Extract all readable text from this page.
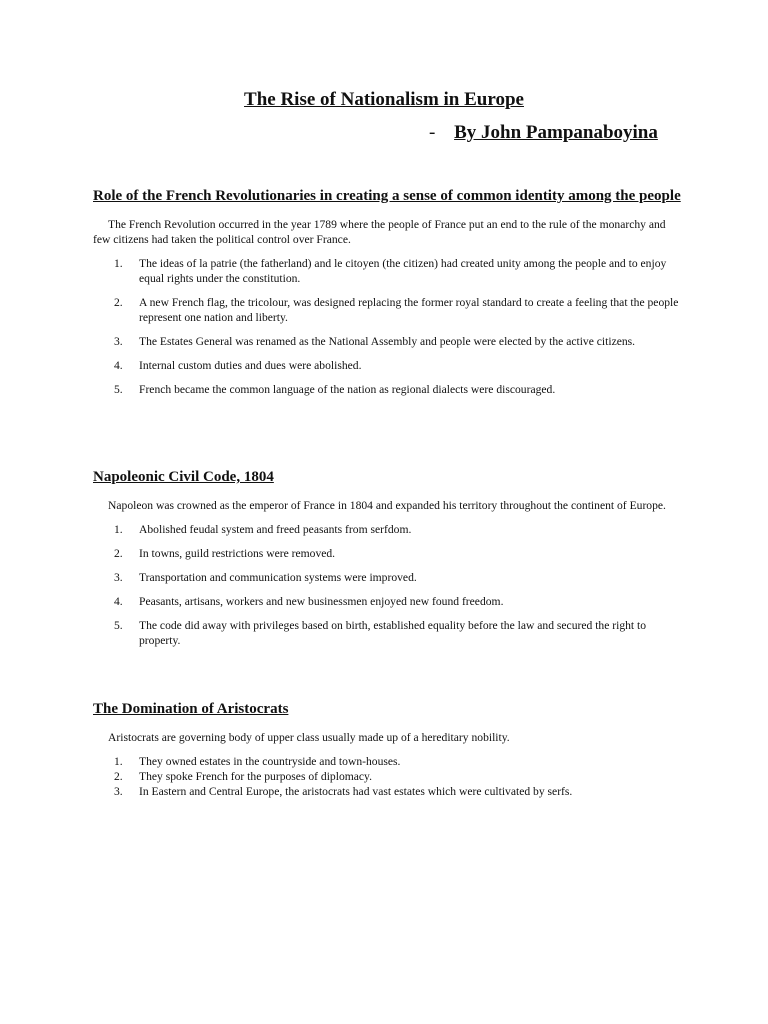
The Rise of Nationalism in Europe
- By John Pampanaboyina

Role of the French Revolutionaries in creating a sense of common identity among the people

The French Revolution occurred in the year 1789 where the people of France put an end to the rule of the monarchy and few citizens had taken the political control over France.

1. The ideas of la patrie (the fatherland) and le citoyen (the citizen) had created unity among the people and to enjoy equal rights under the constitution.
2. A new French flag, the tricolour, was designed replacing the former royal standard to create a feeling that the people represent one nation and liberty.
3. The Estates General was renamed as the National Assembly and people were elected by the active citizens.
4. Internal custom duties and dues were abolished.
5. French became the common language of the nation as regional dialects were discouraged.

Napoleonic Civil Code, 1804

Napoleon was crowned as the emperor of France in 1804 and expanded his territory throughout the continent of Europe.

1. Abolished feudal system and freed peasants from serfdom.
2. In towns, guild restrictions were removed.
3. Transportation and communication systems were improved.
4. Peasants, artisans, workers and new businessmen enjoyed new found freedom.
5. The code did away with privileges based on birth, established equality before the law and secured the right to property.

The Domination of Aristocrats

Aristocrats are governing body of upper class usually made up of a hereditary nobility.

1. They owned estates in the countryside and town-houses.
2. They spoke French for the purposes of diplomacy.
3. In Eastern and Central Europe, the aristocrats had vast estates which were cultivated by serfs.
